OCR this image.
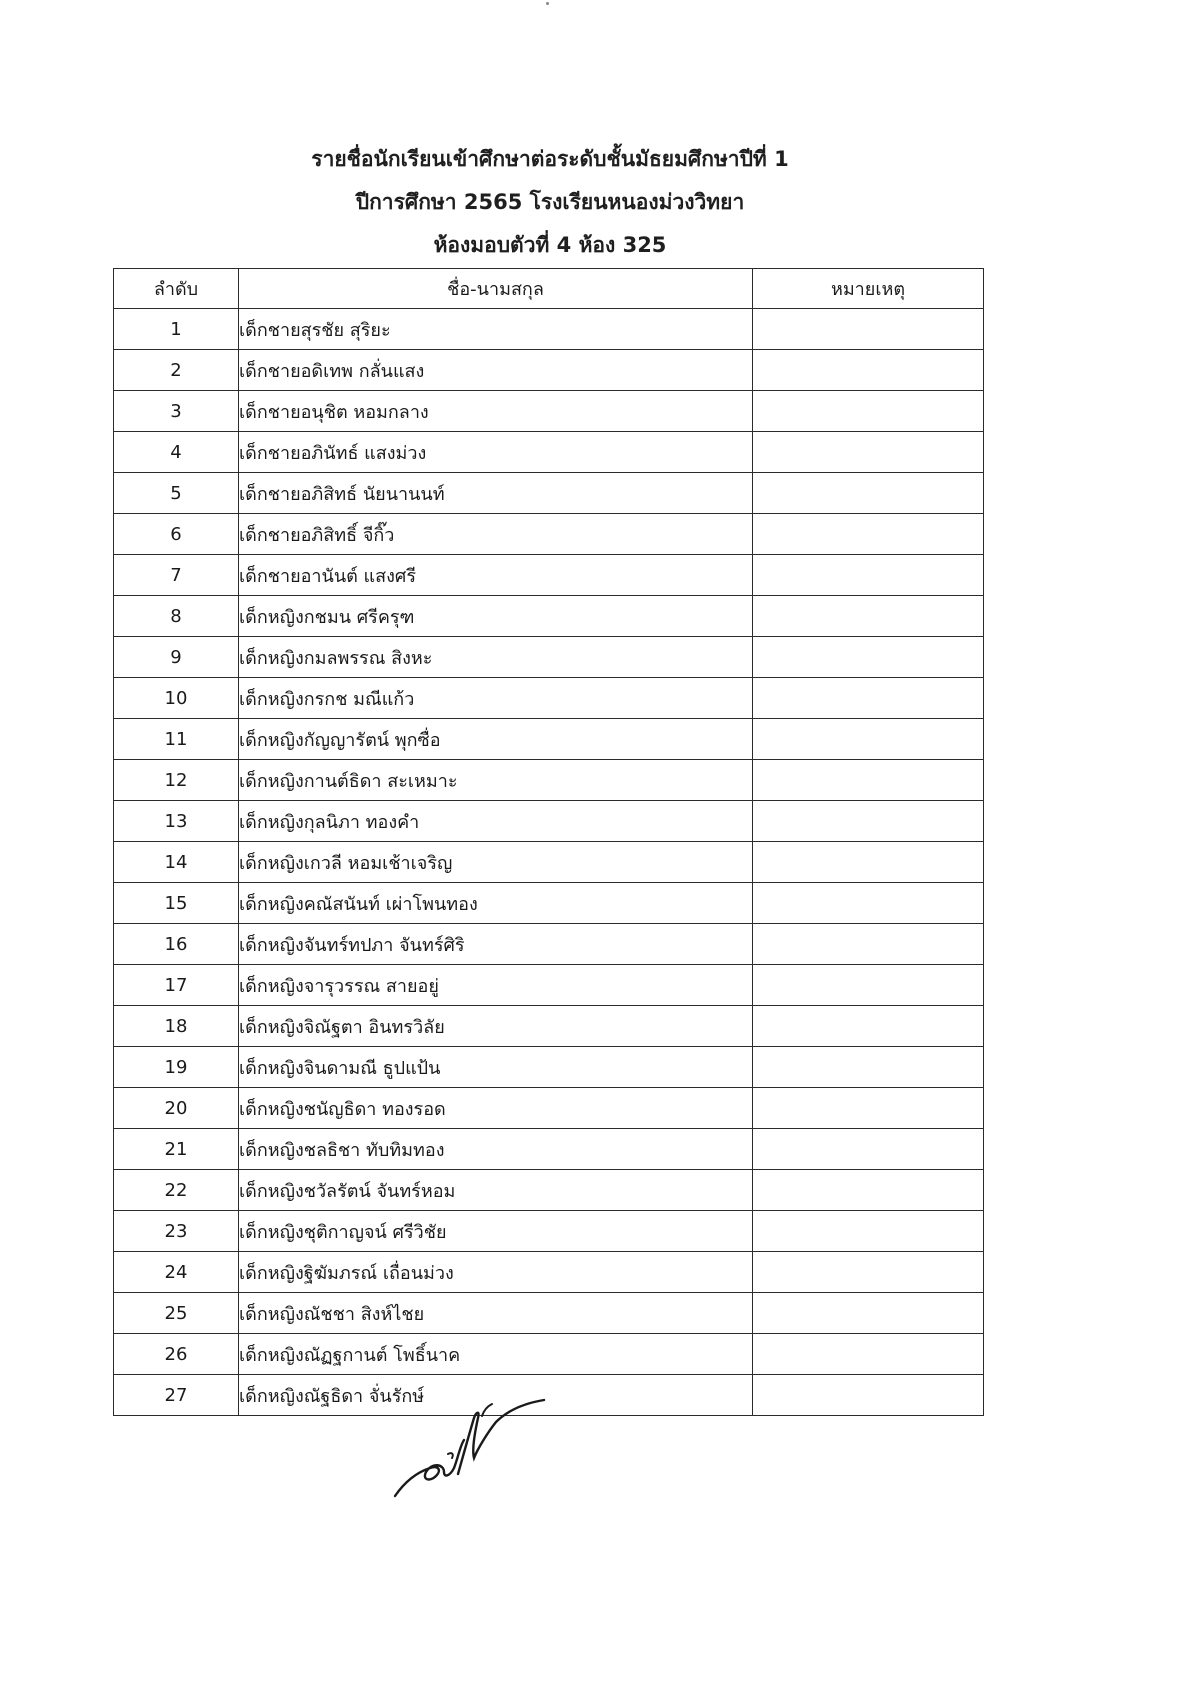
รายชื่อนักเรียนเข้าศึกษาต่อระดับชั้นมัธยมศึกษาปีที่ 1
ปีการศึกษา 2565 โรงเรียนหนองม่วงวิทยา
ห้องมอบตัวที่ 4 ห้อง 325
ลำดับ	ชื่อ-นามสกุล	หมายเหตุ
1	เด็กชายสุรชัย สุริยะ	
2	เด็กชายอดิเทพ กลั่นแสง	
3	เด็กชายอนุชิต หอมกลาง	
4	เด็กชายอภินัทธ์ แสงม่วง	
5	เด็กชายอภิสิทธ์ นัยนานนท์	
6	เด็กชายอภิสิทธิ์ จีกิ๊ว	
7	เด็กชายอานันต์ แสงศรี	
8	เด็กหญิงกชมน ศรีครุฑ	
9	เด็กหญิงกมลพรรณ สิงหะ	
10	เด็กหญิงกรกช มณีแก้ว	
11	เด็กหญิงกัญญารัตน์ พุกซื่อ	
12	เด็กหญิงกานต์ธิดา สะเหมาะ	
13	เด็กหญิงกุลนิภา ทองคำ	
14	เด็กหญิงเกวลี หอมเช้าเจริญ	
15	เด็กหญิงคณัสนันท์ เผ่าโพนทอง	
16	เด็กหญิงจันทร์ทปภา จันทร์ศิริ	
17	เด็กหญิงจารุวรรณ สายอยู่	
18	เด็กหญิงจิณัฐตา อินทรวิลัย	
19	เด็กหญิงจินดามณี ธูปแป้น	
20	เด็กหญิงชนัญธิดา ทองรอด	
21	เด็กหญิงชลธิชา ทับทิมทอง	
22	เด็กหญิงชวัลรัตน์ จันทร์หอม	
23	เด็กหญิงชุติกาญจน์ ศรีวิชัย	
24	เด็กหญิงฐิฆัมภรณ์ เถื่อนม่วง	
25	เด็กหญิงณัชชา สิงห์ไชย	
26	เด็กหญิงณัฏฐกานต์ โพธิ์นาค	
27	เด็กหญิงณัฐธิดา จั่นรักษ์	
